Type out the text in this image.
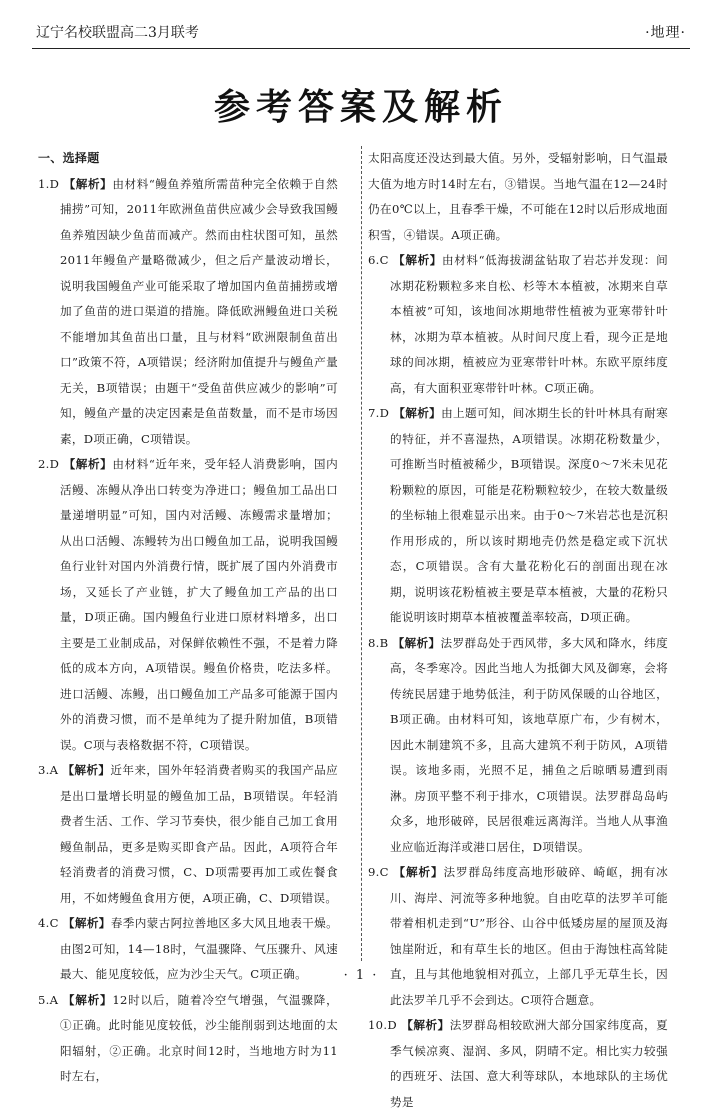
辽宁名校联盟高二3月联考	·地理·
参考答案及解析

一、选择题

1.D 【解析】由材料“鳗鱼养殖所需苗种完全依赖于自然捕捞”可知，2011年欧洲鱼苗供应减少会导致我国鳗鱼养殖因缺少鱼苗而减产。然而由柱状图可知，虽然2011年鳗鱼产量略微减少，但之后产量波动增长，说明我国鳗鱼产业可能采取了增加国内鱼苗捕捞或增加了鱼苗的进口渠道的措施。降低欧洲鳗鱼进口关税不能增加其鱼苗出口量，且与材料“欧洲限制鱼苗出口”政策不符，A项错误；经济附加值提升与鳗鱼产量无关，B项错误；由题干“受鱼苗供应减少的影响”可知，鳗鱼产量的决定因素是鱼苗数量，而不是市场因素，D项正确，C项错误。

2.D 【解析】由材料“近年来，受年轻人消费影响，国内活鳗、冻鳗从净出口转变为净进口；鳗鱼加工品出口量递增明显”可知，国内对活鳗、冻鳗需求量增加；从出口活鳗、冻鳗转为出口鳗鱼加工品，说明我国鳗鱼行业针对国内外消费行情，既扩展了国内外消费市场，又延长了产业链，扩大了鳗鱼加工产品的出口量，D项正确。国内鳗鱼行业进口原材料增多，出口主要是工业制成品，对保鲜依赖性不强，不是着力降低的成本方向，A项错误。鳗鱼价格贵，吃法多样。进口活鳗、冻鳗，出口鳗鱼加工产品多可能源于国内外的消费习惯，而不是单纯为了提升附加值，B项错误。C项与表格数据不符，C项错误。

3.A 【解析】近年来，国外年轻消费者购买的我国产品应是出口量增长明显的鳗鱼加工品，B项错误。年轻消费者生活、工作、学习节奏快，很少能自己加工食用鳗鱼制品，更多是购买即食产品。因此，A项符合年轻消费者的消费习惯，C、D项需要再加工或佐餐食用，不如烤鳗鱼食用方便，A项正确，C、D项错误。

4.C 【解析】春季内蒙古阿拉善地区多大风且地表干燥。由图2可知，14—18时，气温骤降、气压骤升、风速最大、能见度较低，应为沙尘天气。C项正确。

5.A 【解析】12时以后，随着冷空气增强，气温骤降，①正确。此时能见度较低，沙尘能削弱到达地面的太阳辐射，②正确。北京时间12时，当地地方时为11时左右，

太阳高度还没达到最大值。另外，受辐射影响，日气温最大值为地方时14时左右，③错误。当地气温在12—24时仍在0℃以上，且春季干燥，不可能在12时以后形成地面积雪，④错误。A项正确。

6.C 【解析】由材料“低海拔湖盆钻取了岩芯并发现：间冰期花粉颗粒多来自松、杉等木本植被，冰期来自草本植被”可知，该地间冰期地带性植被为亚寒带针叶林，冰期为草本植被。从时间尺度上看，现今正是地球的间冰期，植被应为亚寒带针叶林。东欧平原纬度高，有大面积亚寒带针叶林。C项正确。

7.D 【解析】由上题可知，间冰期生长的针叶林具有耐寒的特征，并不喜湿热，A项错误。冰期花粉数量少，可推断当时植被稀少，B项错误。深度0～7米未见花粉颗粒的原因，可能是花粉颗粒较少，在较大数量级的坐标轴上很难显示出来。由于0～7米岩芯也是沉积作用形成的，所以该时期地壳仍然是稳定或下沉状态，C项错误。含有大量花粉化石的剖面出现在冰期，说明该花粉植被主要是草本植被，大量的花粉只能说明该时期草本植被覆盖率较高，D项正确。

8.B 【解析】法罗群岛处于西风带，多大风和降水，纬度高，冬季寒冷。因此当地人为抵御大风及御寒，会将传统民居建于地势低洼，利于防风保暖的山谷地区，B项正确。由材料可知，该地草原广布，少有树木，因此木制建筑不多，且高大建筑不利于防风，A项错误。该地多雨，光照不足，捕鱼之后晾晒易遭到雨淋。房顶平整不利于排水，C项错误。法罗群岛岛屿众多，地形破碎，民居很难远离海洋。当地人从事渔业应临近海洋或港口居住，D项错误。

9.C 【解析】法罗群岛纬度高地形破碎、崎岖，拥有冰川、海岸、河流等多种地貌。自由吃草的法罗羊可能带着相机走到“U”形谷、山谷中低矮房屋的屋顶及海蚀崖附近，和有草生长的地区。但由于海蚀柱高耸陡直，且与其他地貌相对孤立，上部几乎无草生长，因此法罗羊几乎不会到达。C项符合题意。

10.D 【解析】法罗群岛相较欧洲大部分国家纬度高，夏季气候凉爽、湿润、多风，阴晴不定。相比实力较强的西班牙、法国、意大利等球队，本地球队的主场优势是

· 1 ·
